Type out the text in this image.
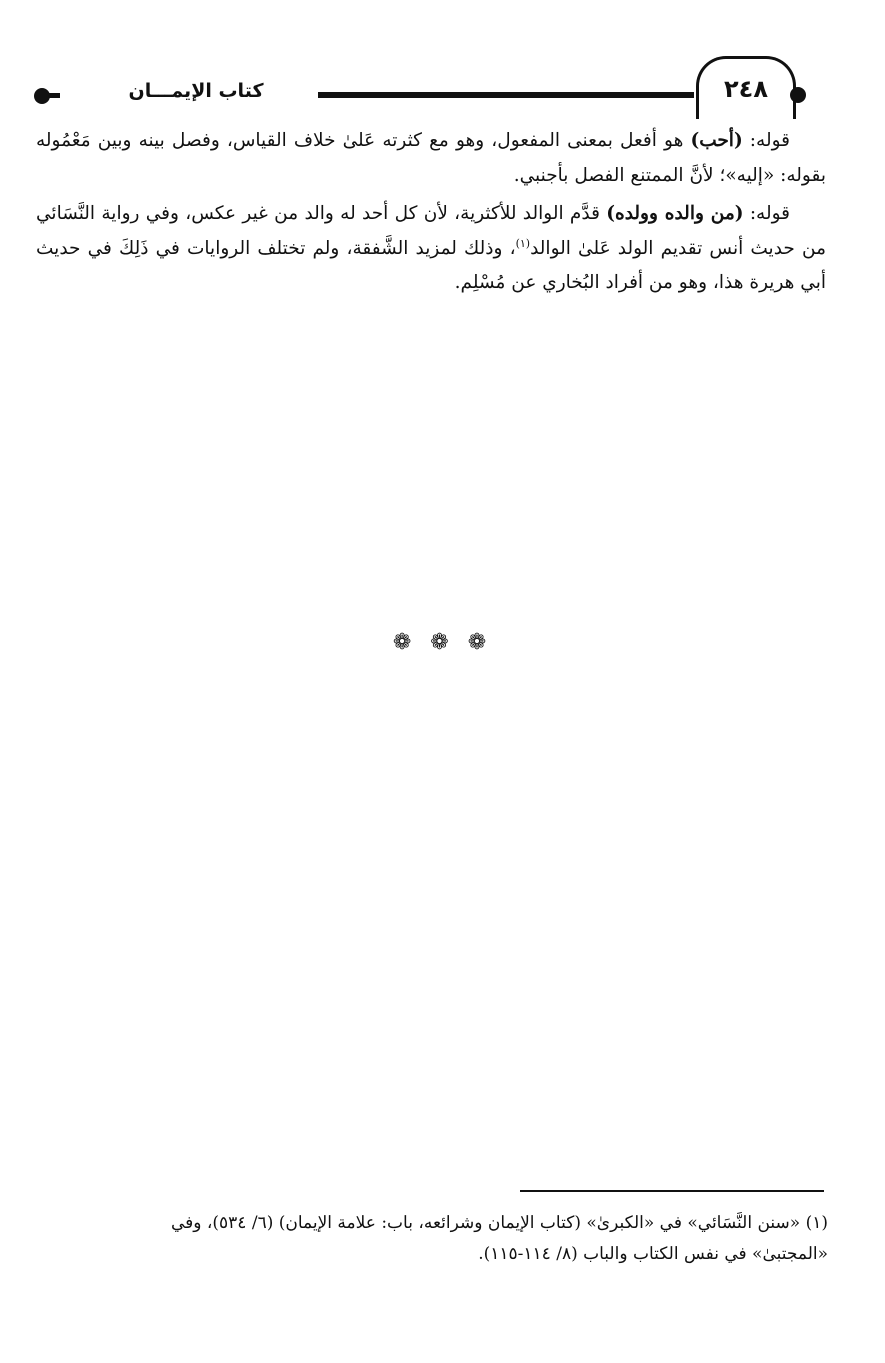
كتاب الإيمـــان	٢٤٨

قوله: (أحب) هو أفعل بمعنى المفعول، وهو مع كثرته عَلىٰ خلاف القياس، وفصل بينه وبين مَعْمُوله بقوله: «إليه»؛ لأنَّ الممتنع الفصل بأجنبي.

قوله: (من والده وولده) قدَّم الوالد للأكثرية، لأن كل أحد له والد من غير عكس، وفي رواية النَّسَائي من حديث أنس تقديم الولد عَلىٰ الوالد$^{(١)}$، وذلك لمزيد الشَّفقة، ولم تختلف الروايات في ذَلِكَ في حديث أبي هريرة هذا، وهو من أفراد البُخاري عن مُسْلِم.

❁ ❁ ❁

(١) «سنن النَّسَائي» في «الكبرىٰ» (كتاب الإيمان وشرائعه، باب: علامة الإيمان) (٦/ ٥٣٤)، وفي

«المجتبىٰ» في نفس الكتاب والباب (٨/ ١١٤-١١٥).
